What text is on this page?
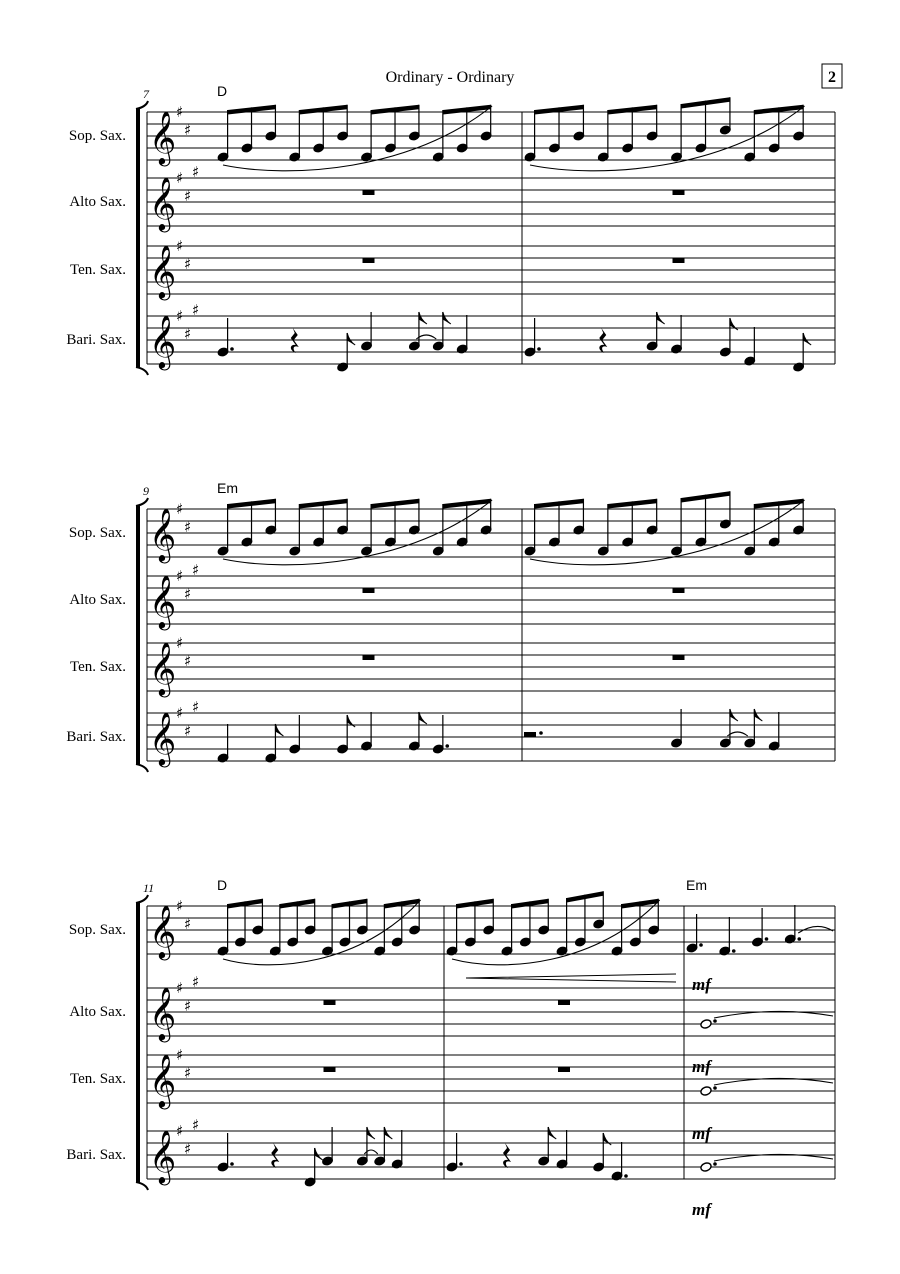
Ordinary - Ordinary	2
7
𝄞 ♯
♯
Sop. Sax.
𝄞 ♯
♯
♯
Alto Sax.
𝄞 ♯
♯
Ten. Sax.
𝄞 ♯
♯
♯
Bari. Sax.
D
9
𝄞 ♯
♯
Sop. Sax.
𝄞 ♯
♯
♯
Alto Sax.
𝄞 ♯
♯
Ten. Sax.
𝄞 ♯
♯
♯
Bari. Sax.
Em
11
𝄞 ♯
♯
Sop. Sax.
𝄞 ♯
♯
♯
Alto Sax.
𝄞 ♯
♯
Ten. Sax.
𝄞 ♯
♯
♯
Bari. Sax.
D	Em
mf
mf
mf
mf
